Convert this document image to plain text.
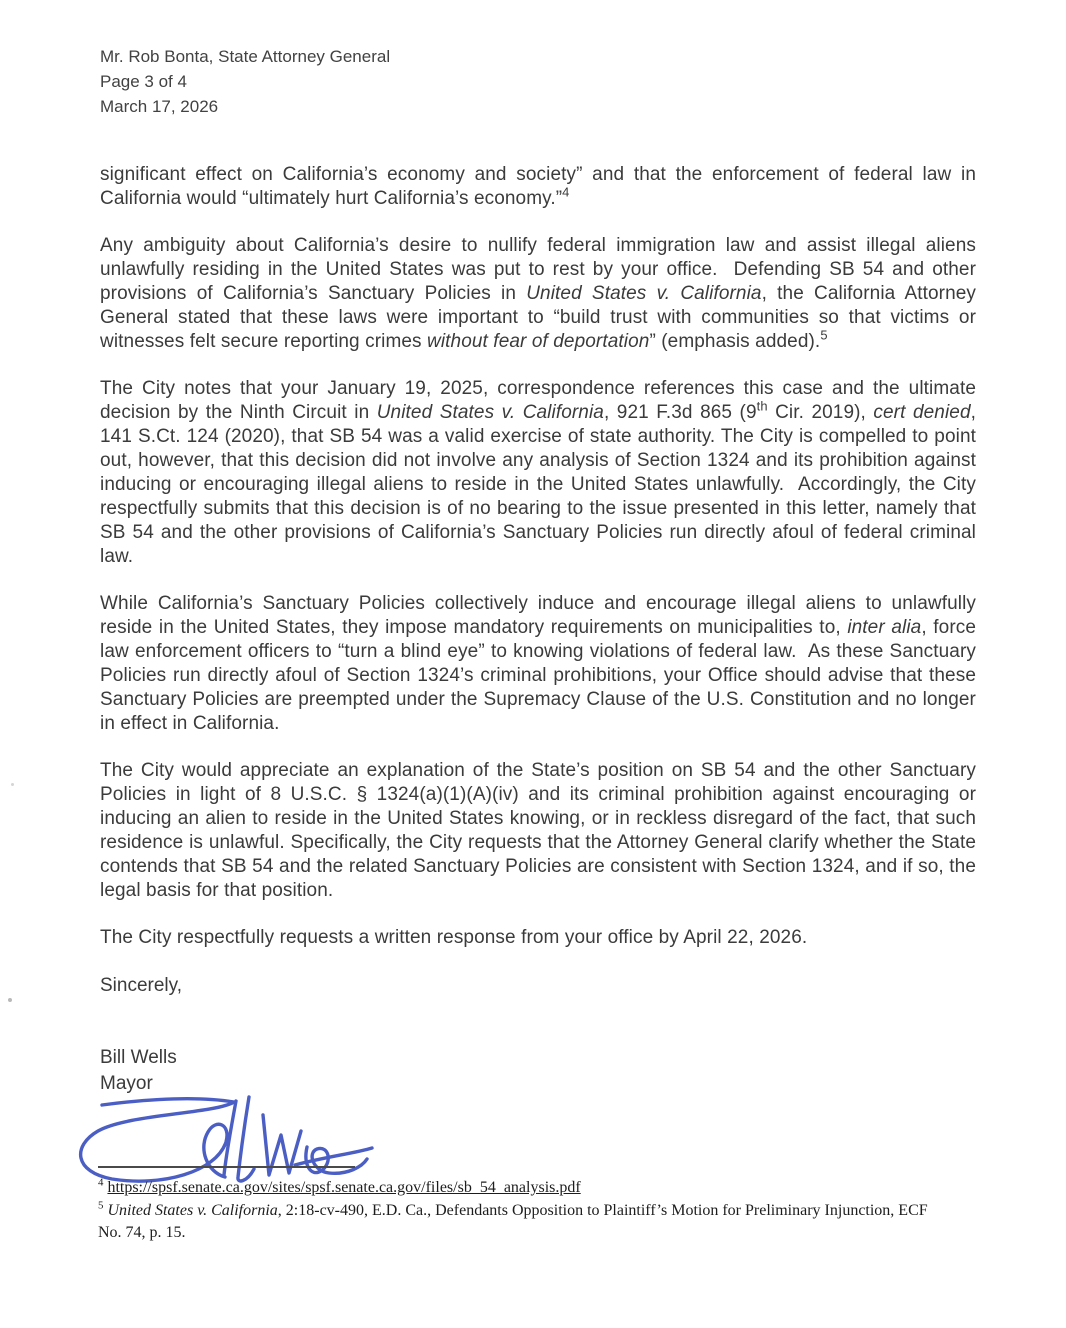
Mr. Rob Bonta, State Attorney General
Page 3 of 4
March 17, 2026

significant effect on California’s economy and society” and that the enforcement of federal law in California would “ultimately hurt California’s economy.”$^4$

Any ambiguity about California’s desire to nullify federal immigration law and assist illegal aliens unlawfully residing in the United States was put to rest by your office.  Defending SB 54 and other provisions of California’s Sanctuary Policies in United States v. California, the California Attorney General stated that these laws were important to “build trust with communities so that victims or witnesses felt secure reporting crimes without fear of deportation” (emphasis added).$^5$

The City notes that your January 19, 2025, correspondence references this case and the ultimate decision by the Ninth Circuit in United States v. California, 921 F.3d 865 (9th Cir. 2019), cert denied, 141 S.Ct. 124 (2020), that SB 54 was a valid exercise of state authority. The City is compelled to point out, however, that this decision did not involve any analysis of Section 1324 and its prohibition against inducing or encouraging illegal aliens to reside in the United States unlawfully.  Accordingly, the City respectfully submits that this decision is of no bearing to the issue presented in this letter, namely that SB 54 and the other provisions of California’s Sanctuary Policies run directly afoul of federal criminal law.

While California’s Sanctuary Policies collectively induce and encourage illegal aliens to unlawfully reside in the United States, they impose mandatory requirements on municipalities to, inter alia, force law enforcement officers to “turn a blind eye” to knowing violations of federal law.  As these Sanctuary Policies run directly afoul of Section 1324’s criminal prohibitions, your Office should advise that these Sanctuary Policies are preempted under the Supremacy Clause of the U.S. Constitution and no longer in effect in California.

The City would appreciate an explanation of the State’s position on SB 54 and the other Sanctuary Policies in light of 8 U.S.C. § 1324(a)(1)(A)(iv) and its criminal prohibition against encouraging or inducing an alien to reside in the United States knowing, or in reckless disregard of the fact, that such residence is unlawful. Specifically, the City requests that the Attorney General clarify whether the State contends that SB 54 and the related Sanctuary Policies are consistent with Section 1324, and if so, the legal basis for that position.

The City respectfully requests a written response from your office by April 22, 2026.

Sincerely,

Bill Wells
Mayor
$^4$ https://spsf.senate.ca.gov/sites/spsf.senate.ca.gov/files/sb_54_analysis.pdf
$^5$ United States v. California, 2:18-cv-490, E.D. Ca., Defendants Opposition to Plaintiff’s Motion for Preliminary Injunction, ECF No. 74, p. 15.
